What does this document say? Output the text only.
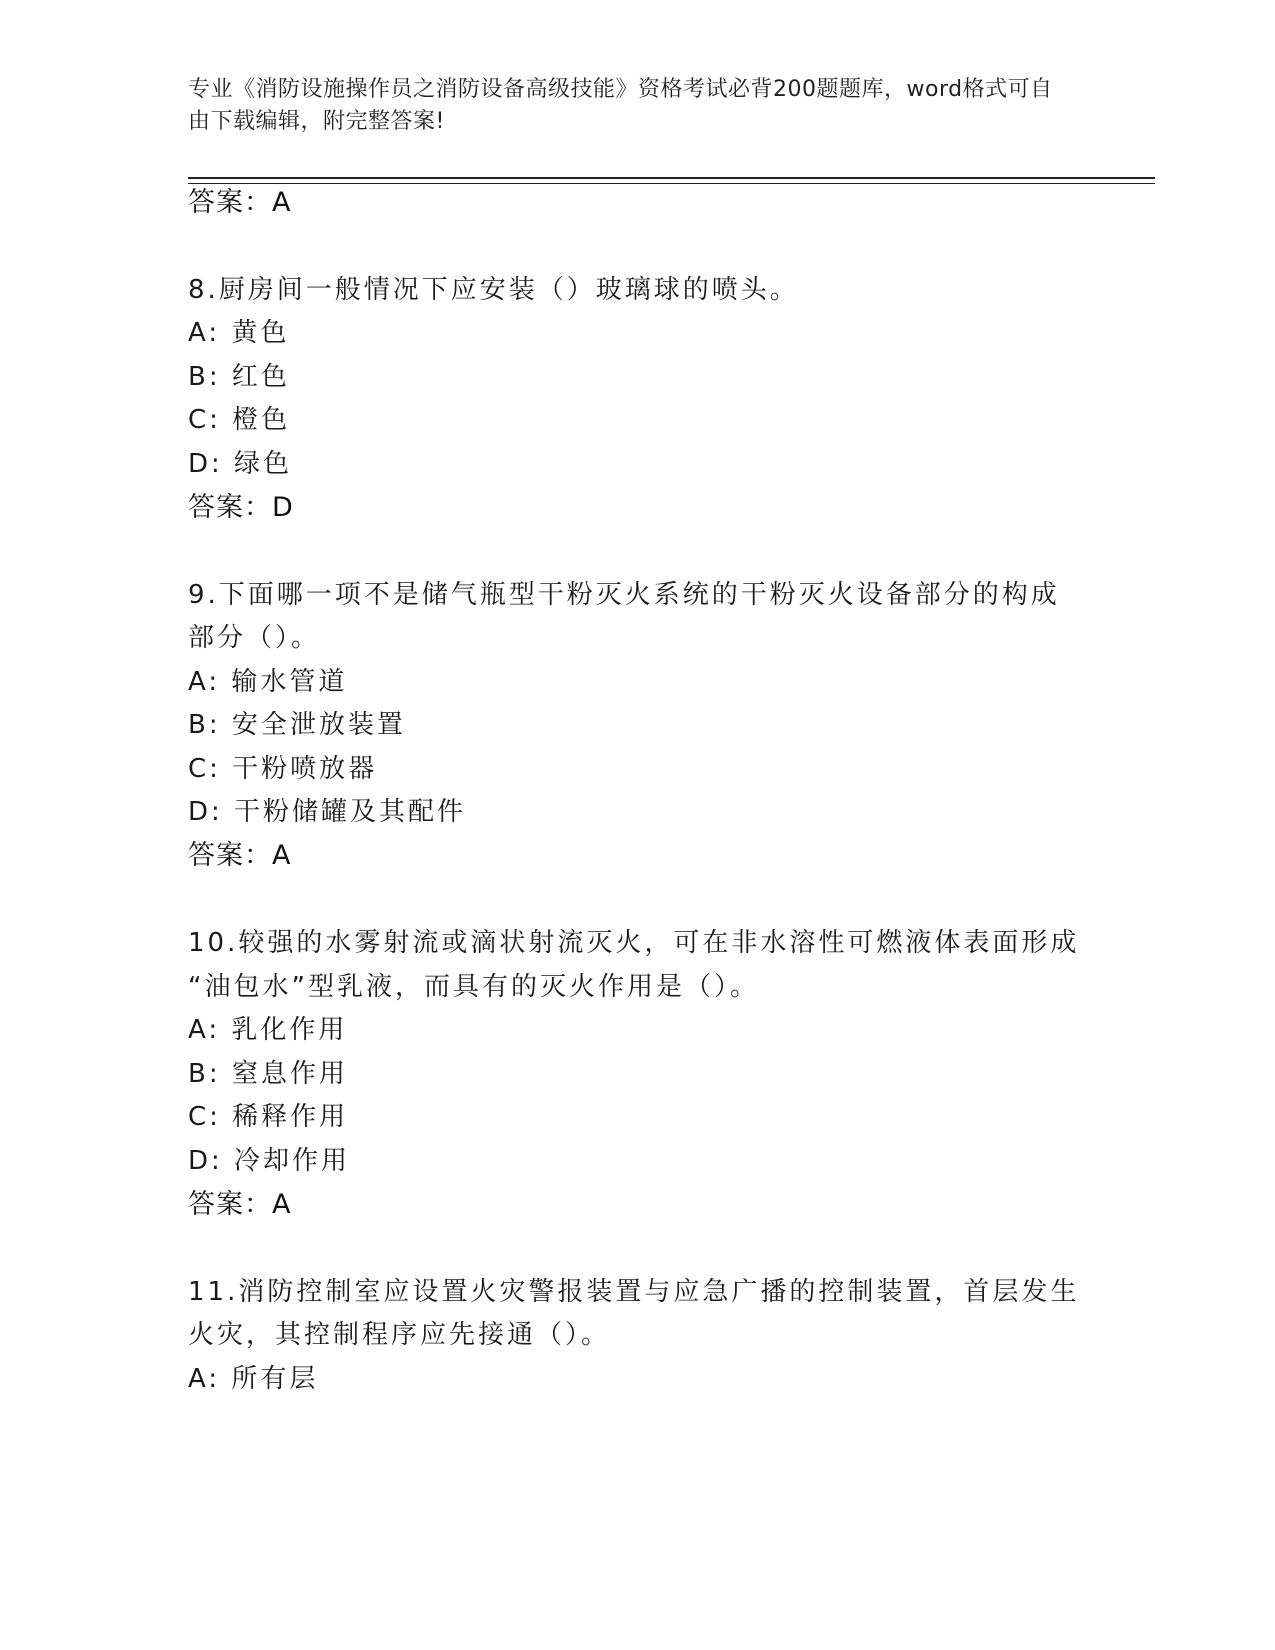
专业《消防设施操作员之消防设备高级技能》资格考试必背200题题库，word格式可自由下载编辑，附完整答案!
答案：A
8.厨房间一般情况下应安装（）玻璃球的喷头。
A: 黄色
B: 红色
C: 橙色
D: 绿色
答案：D
9.下面哪一项不是储气瓶型干粉灭火系统的干粉灭火设备部分的构成
部分（）。
A: 输水管道
B: 安全泄放装置
C: 干粉喷放器
D: 干粉储罐及其配件
答案：A
10.较强的水雾射流或滴状射流灭火，可在非水溶性可燃液体表面形成
“油包水”型乳液，而具有的灭火作用是（）。
A: 乳化作用
B: 窒息作用
C: 稀释作用
D: 冷却作用
答案：A
11.消防控制室应设置火灾警报装置与应急广播的控制装置，首层发生
火灾，其控制程序应先接通（）。
A: 所有层
